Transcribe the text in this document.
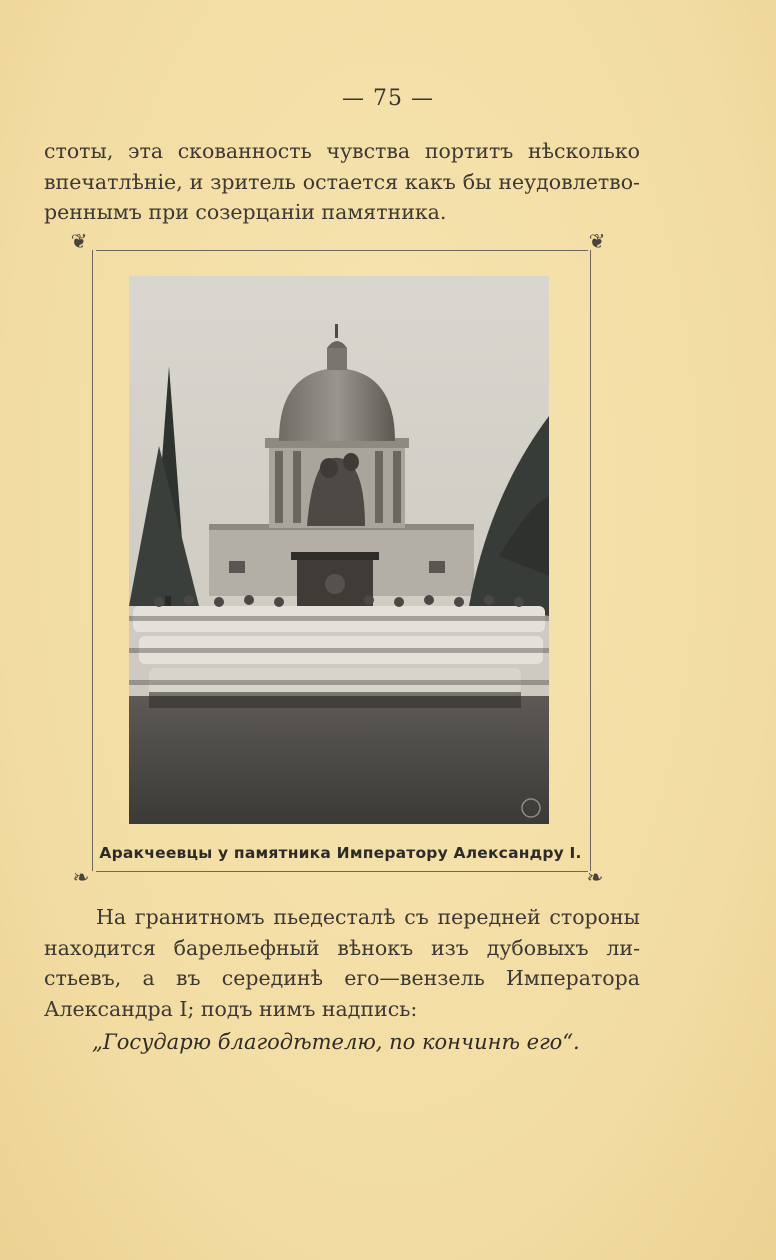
— 75 —
стоты, эта скованность чувства портитъ нѣсколько
впечатлѣніе, и зритель остается какъ бы неудовлетво-
реннымъ при созерцаніи памятника.
❦	❦
❧	❧
Аракчеевцы у памятника Императору Александру I.
На гранитномъ пьедесталѣ съ передней стороны
находится барельефный вѣнокъ изъ дубовыхъ ли-
стьевъ, а въ серединѣ его—вензель Императора
Александра I; подъ нимъ надпись:
„Государю благодѣтелю, по кончинѣ его“.
